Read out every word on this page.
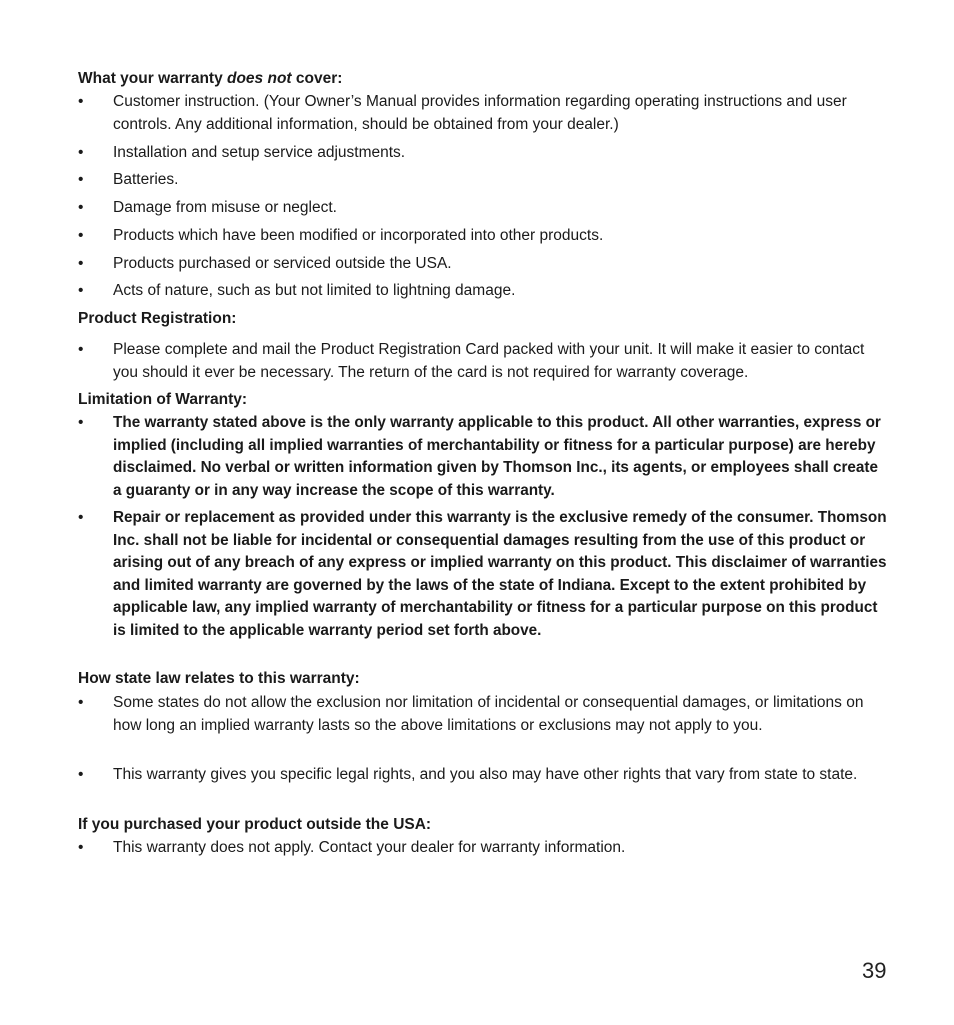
What your warranty does not cover:
• Customer instruction. (Your Owner’s Manual provides information regarding operating instructions and user controls. Any additional information, should be obtained from your dealer.)
• Installation and setup service adjustments.
• Batteries.
• Damage from misuse or neglect.
• Products which have been modified or incorporated into other products.
• Products purchased or serviced outside the USA.
• Acts of nature, such as but not limited to lightning damage.
Product Registration:
• Please complete and mail the Product Registration Card packed with your unit. It will make it easier to contact you should it ever be necessary. The return of the card is not required for warranty coverage.
Limitation of Warranty:
• The warranty stated above is the only warranty applicable to this product. All other warranties, express or implied (including all implied warranties of merchantability or fitness for a particular purpose) are hereby disclaimed. No verbal or written information given by Thomson Inc., its agents, or employees shall create a guaranty or in any way increase the scope of this warranty.
• Repair or replacement as provided under this warranty is the exclusive remedy of the consumer. Thomson Inc. shall not be liable for incidental or consequential damages resulting from the use of this product or arising out of any breach of any express or implied warranty on this product. This disclaimer of warranties and limited warranty are governed by the laws of the state of Indiana. Except to the extent prohibited by applicable law, any implied warranty of merchantability or fitness for a particular purpose on this product is limited to the applicable warranty period set forth above.
How state law relates to this warranty:
• Some states do not allow the exclusion nor limitation of incidental or consequential damages, or limitations on how long an implied warranty lasts so the above limitations or exclusions may not apply to you.
• This warranty gives you specific legal rights, and you also may have other rights that vary from state to state.
If you purchased your product outside the USA:
• This warranty does not apply. Contact your dealer for warranty information.
39
